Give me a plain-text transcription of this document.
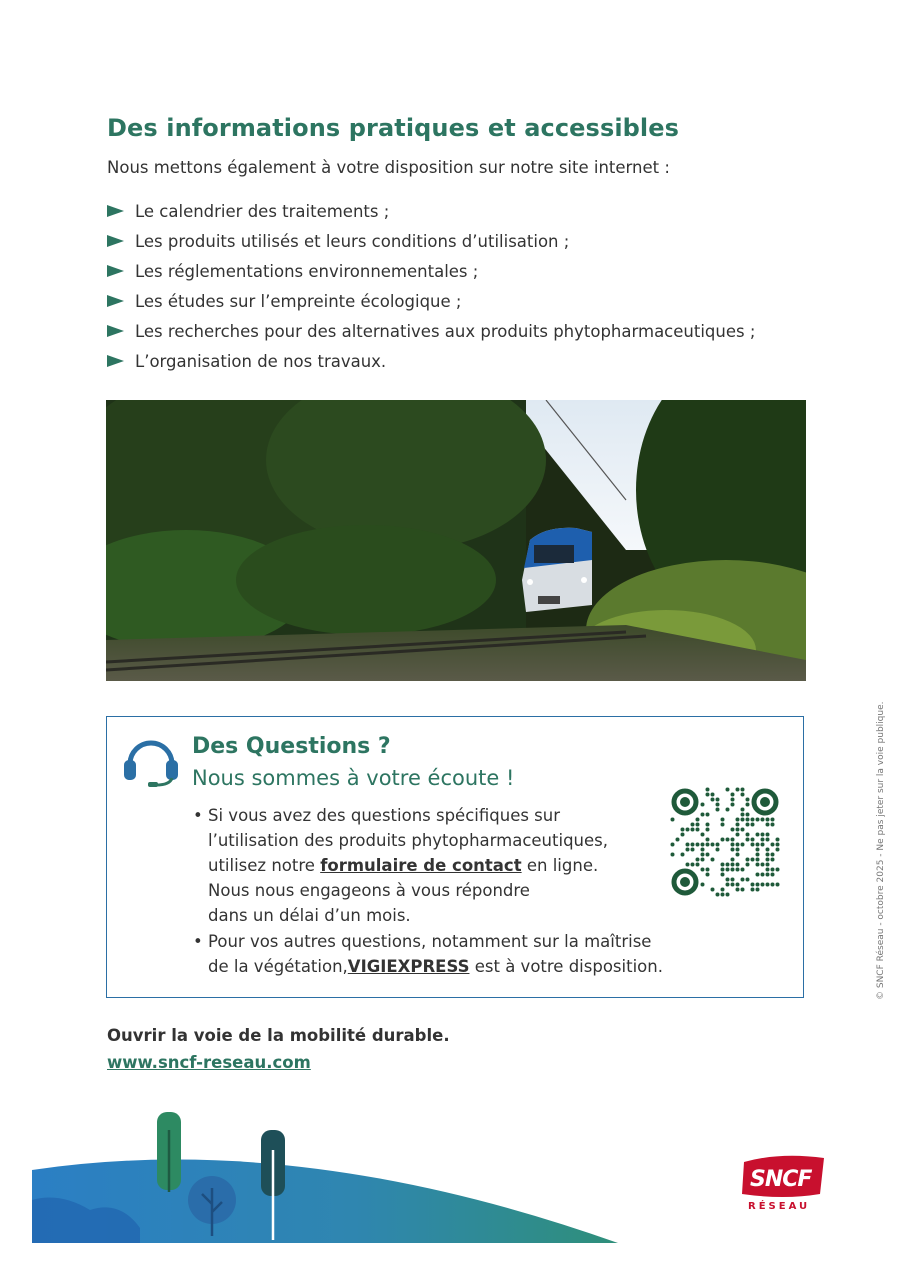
Des informations pratiques et accessibles
Nous mettons également à votre disposition sur notre site internet :
Le calendrier des traitements ;
Les produits utilisés et leurs conditions d’utilisation ;
Les réglementations environnementales ;
Les études sur l’empreinte écologique ;
Les recherches pour des alternatives aux produits phytopharmaceutiques ;
L’organisation de nos travaux.
Des Questions ?
Nous sommes à votre écoute !
• Si vous avez des questions spécifiques sur
l’utilisation des produits phytopharmaceutiques,
utilisez notre formulaire de contact en ligne.
Nous nous engageons à vous répondre
dans un délai d’un mois.
• Pour vos autres questions, notamment sur la maîtrise
de la végétation,VIGIEXPRESS est à votre disposition.
Ouvrir la voie de la mobilité durable.
www.sncf-reseau.com
© SNCF Réseau - octobre 2025 - Ne pas jeter sur la voie publique.
SNCF
RÉSEAU
